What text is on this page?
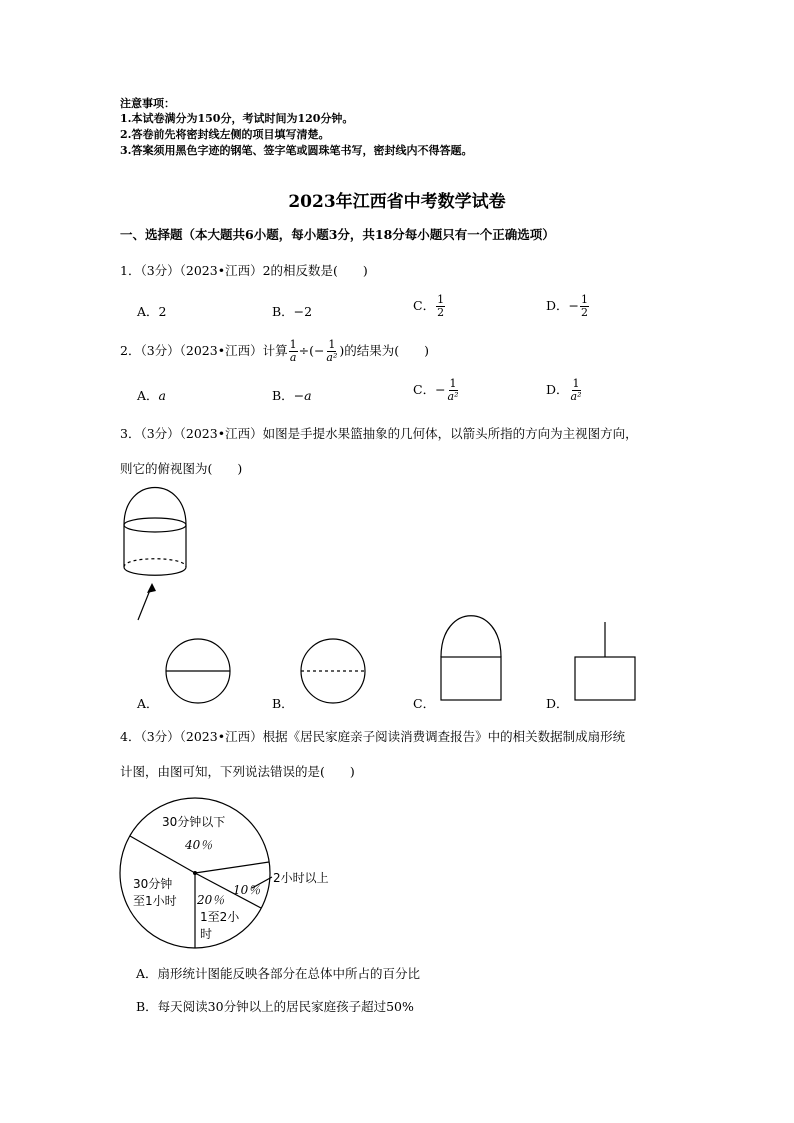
注意事项：
1.本试卷满分为150分，考试时间为120分钟。
2.答卷前先将密封线左侧的项目填写清楚。
3.答案须用黑色字迹的钢笔、签字笔或圆珠笔书写，密封线内不得答题。
2023年江西省中考数学试卷
一、选择题（本大题共6小题，每小题3分，共18分每小题只有一个正确选项）
1．（3分）（2023•江西）2的相反数是(　　)
A．2	B．−2	C． $\frac{1}{2}$	D．− $\frac{1}{2}$
2．（3分）（2023•江西）计算 $\frac{1}{a}$ ÷(− $\frac{1}{\text{a²}}$ )的结果为(　　)
A．a	B．−a	C．− $\frac{1}{\text{a²}}$	D． $\frac{1}{\text{a²}}$
3．（3分）（2023•江西）如图是手提水果篮抽象的几何体，以箭头所指的方向为主视图方向，
则它的俯视图为(　　)
A．	B．	C．	D．
4．（3分）（2023•江西）根据《居民家庭亲子阅读消费调查报告》中的相关数据制成扇形统
计图，由图可知，下列说法错误的是(　　)
30分钟以下
40％
2小时以上
10％
30分钟
至1小时 20％
1至2小
时
A．扇形统计图能反映各部分在总体中所占的百分比
B．每天阅读30分钟以上的居民家庭孩子超过50%
